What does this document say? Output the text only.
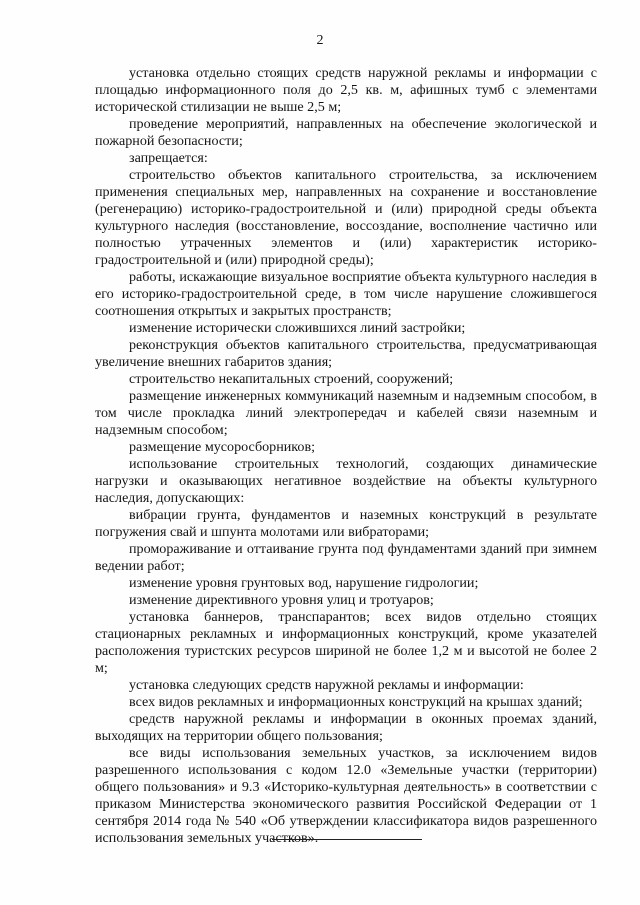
2

установка отдельно стоящих средств наружной рекламы и информации с площадью информационного поля до 2,5 кв. м, афишных тумб с элементами исторической стилизации не выше 2,5 м;

проведение мероприятий, направленных на обеспечение экологической и пожарной безопасности;

запрещается:

строительство объектов капитального строительства, за исключением применения специальных мер, направленных на сохранение и восстановление (регенерацию) историко-градостроительной и (или) природной среды объекта культурного наследия (восстановление, воссоздание, восполнение частично или полностью утраченных элементов и (или) характеристик историко-градостроительной и (или) природной среды);

работы, искажающие визуальное восприятие объекта культурного наследия в его историко-градостроительной среде, в том числе нарушение сложившегося соотношения открытых и закрытых пространств;

изменение исторически сложившихся линий застройки;

реконструкция объектов капитального строительства, предусматривающая увеличение внешних габаритов здания;

строительство некапитальных строений, сооружений;

размещение инженерных коммуникаций наземным и надземным способом, в том числе прокладка линий электропередач и кабелей связи наземным и надземным способом;

размещение мусоросборников;

использование строительных технологий, создающих динамические нагрузки и оказывающих негативное воздействие на объекты культурного наследия, допускающих:

вибрации грунта, фундаментов и наземных конструкций в результате погружения свай и шпунта молотами или вибраторами;

промораживание и оттаивание грунта под фундаментами зданий при зимнем ведении работ;

изменение уровня грунтовых вод, нарушение гидрологии;

изменение директивного уровня улиц и тротуаров;

установка баннеров, транспарантов; всех видов отдельно стоящих стационарных рекламных и информационных конструкций, кроме указателей расположения туристских ресурсов шириной не более 1,2 м и высотой не более 2 м;

установка следующих средств наружной рекламы и информации:

всех видов рекламных и информационных конструкций на крышах зданий;

средств наружной рекламы и информации в оконных проемах зданий, выходящих на территории общего пользования;

все виды использования земельных участков, за исключением видов разрешенного использования с кодом 12.0 «Земельные участки (территории) общего пользования» и 9.3 «Историко-культурная деятельность» в соответствии с приказом Министерства экономического развития Российской Федерации от 1 сентября 2014 года № 540 «Об утверждении классификатора видов разрешенного использования земельных участков».
